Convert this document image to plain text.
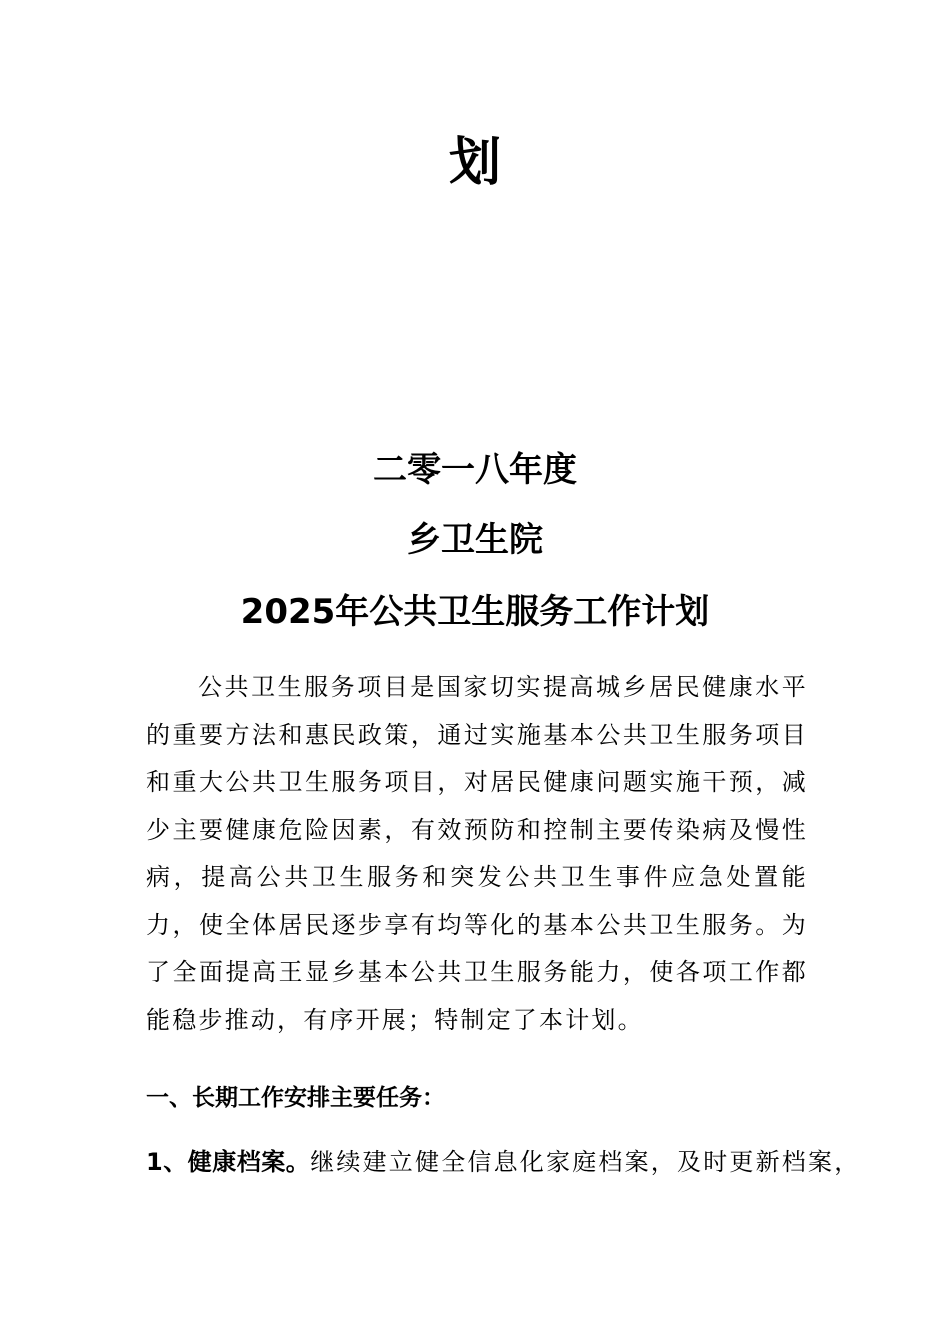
划
二零一八年度
乡卫生院
2025年公共卫生服务工作计划

公共卫生服务项目是国家切实提高城乡居民健康水平的重要方法和惠民政策，通过实施基本公共卫生服务项目和重大公共卫生服务项目，对居民健康问题实施干预，减少主要健康危险因素，有效预防和控制主要传染病及慢性病，提高公共卫生服务和突发公共卫生事件应急处置能力，使全体居民逐步享有均等化的基本公共卫生服务。为了全面提高王显乡基本公共卫生服务能力，使各项工作都能稳步推动，有序开展；特制定了本计划。

一、长期工作安排主要任务：
1、健康档案。继续建立健全信息化家庭档案，及时更新档案，
